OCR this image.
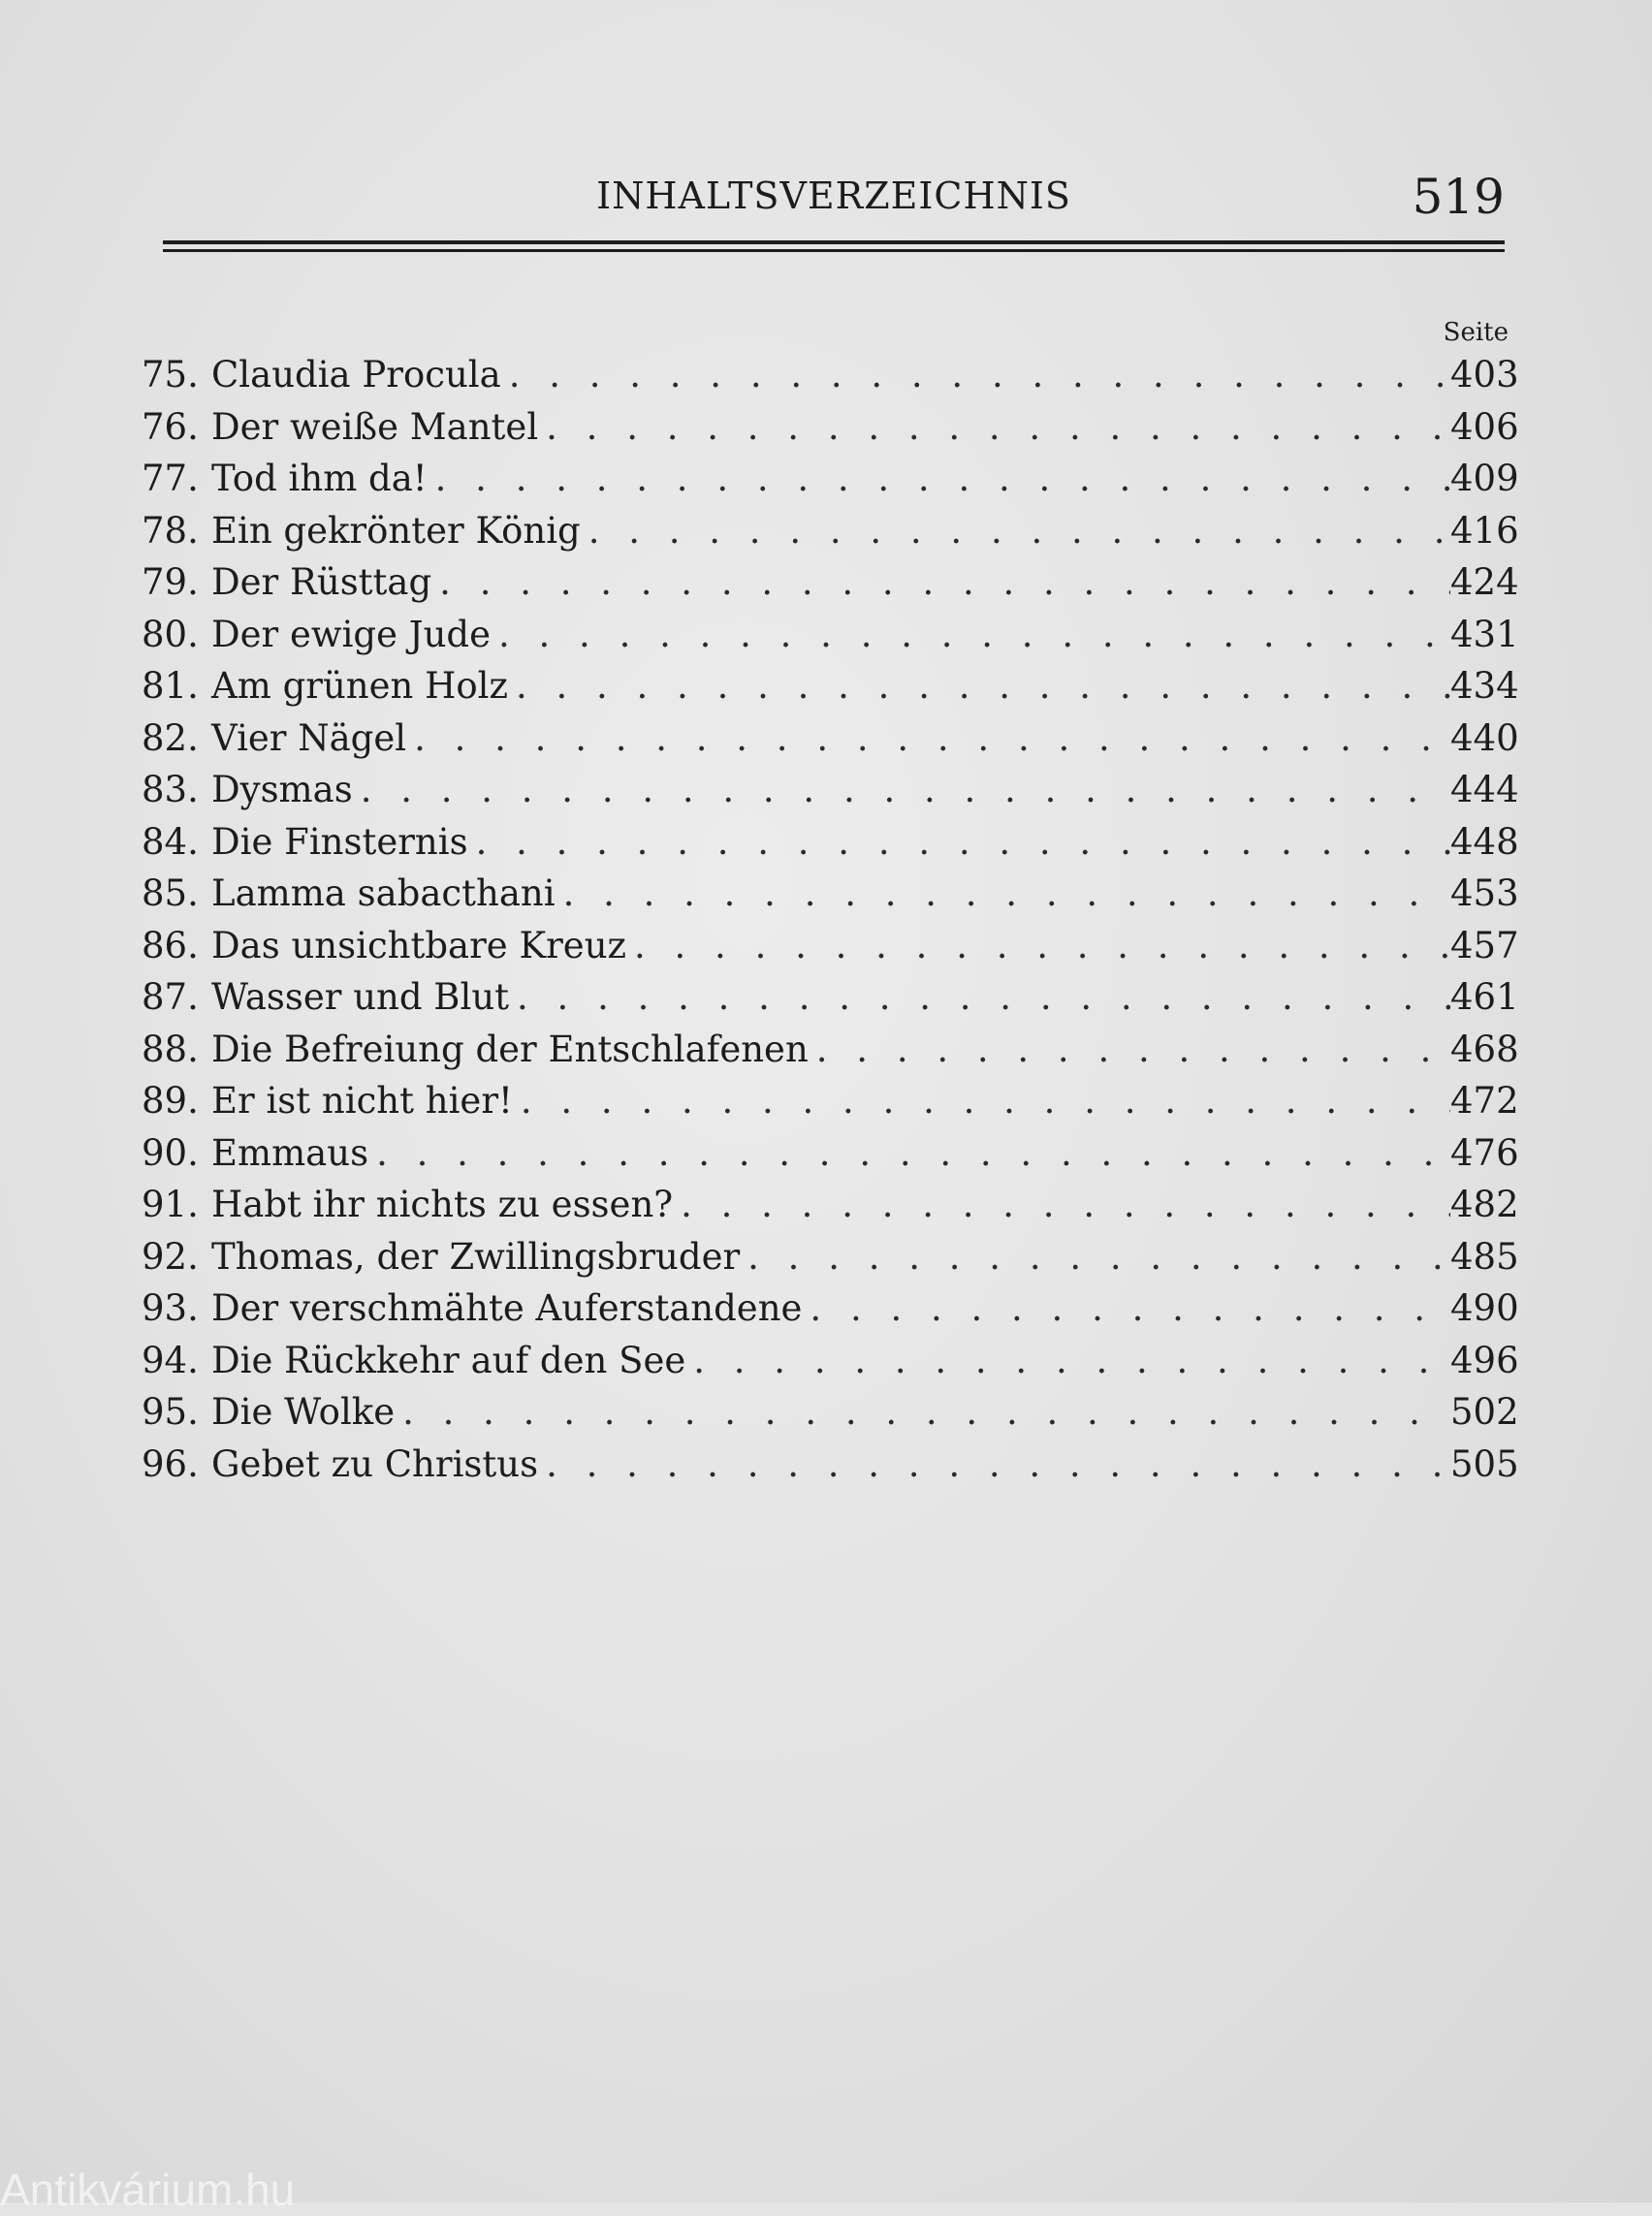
INHALTSVERZEICHNIS	519
Seite
75. Claudia Procula . . .	403
76. Der weiße Mantel . . .	406
77. Tod ihm da! . . .	409
78. Ein gekrönter König . . .	416
79. Der Rüsttag . . .	424
80. Der ewige Jude . . .	431
81. Am grünen Holz . . .	434
82. Vier Nägel . . .	440
83. Dysmas . . .	444
84. Die Finsternis . . .	448
85. Lamma sabacthani . . .	453
86. Das unsichtbare Kreuz . . .	457
87. Wasser und Blut . . .	461
88. Die Befreiung der Entschlafenen . . .	468
89. Er ist nicht hier! . . .	472
90. Emmaus . . .	476
91. Habt ihr nichts zu essen? . . .	482
92. Thomas, der Zwillingsbruder . . .	485
93. Der verschmähte Auferstandene . . .	490
94. Die Rückkehr auf den See . . .	496
95. Die Wolke . . .	502
96. Gebet zu Christus . . .	505
Antikvárium.hu
